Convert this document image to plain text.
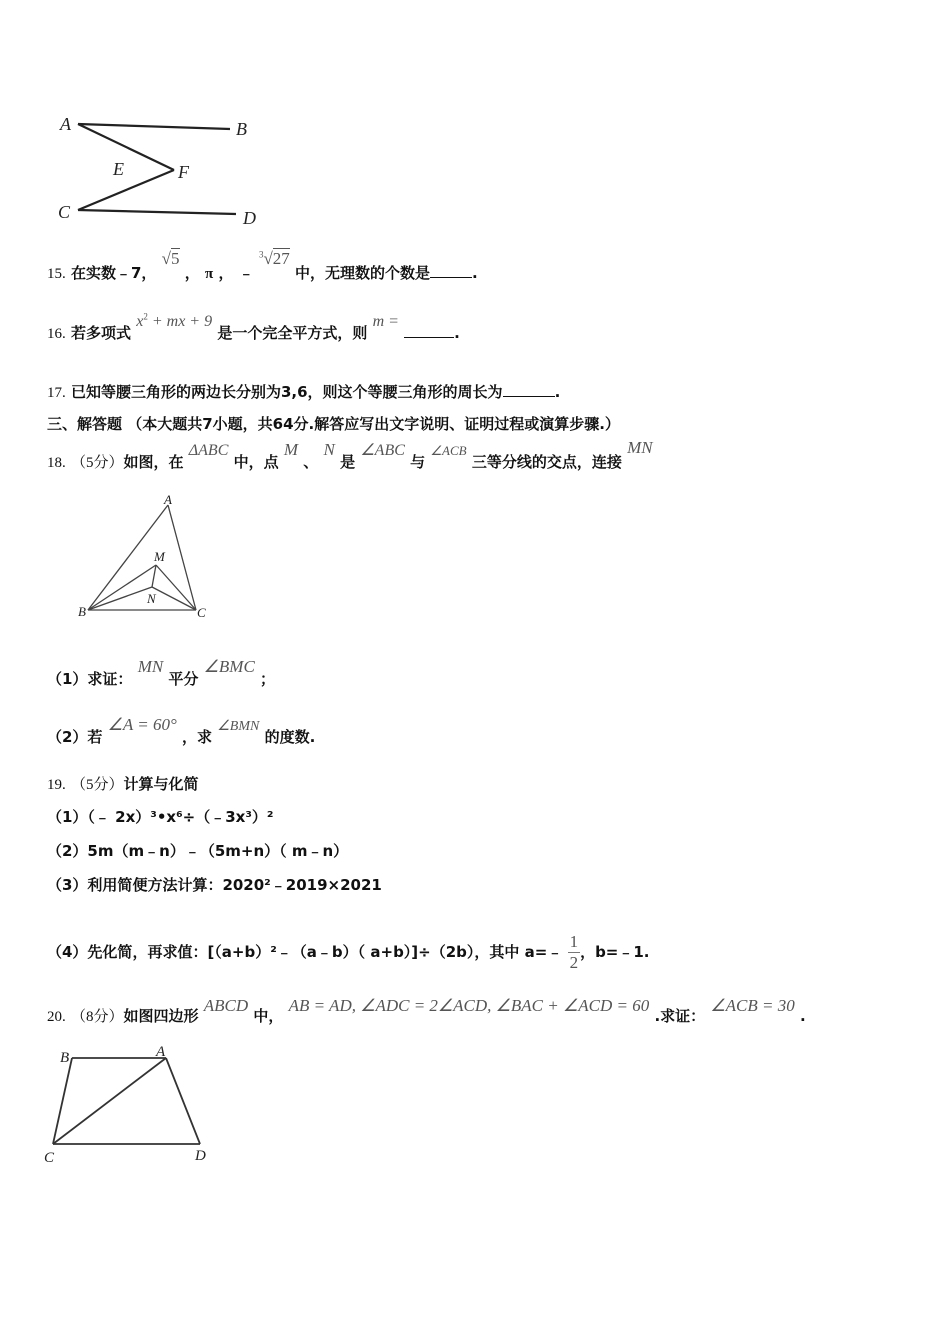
A	B
E	F
C	D
15. 在实数﹣7， √5 ， π ， ﹣ $^3$√27 中，无理数的个数是	.
16. 若多项式 $x^2$ + mx + 9 是一个完全平方式，则 m = .
17. 已知等腰三角形的两边长分别为3,6，则这个等腰三角形的周长为	.
三、解答题 （本大题共7小题，共64分.解答应写出文字说明、证明过程或演算步骤.）
18. （5分）如图，在 ΔABC 中，点 M 、 N 是 ∠ABC 与 ∠ACB 三等分线的交点，连接 MN
A
M
N
B	C
（1）求证： MN 平分 ∠BMC ；
（2）若 ∠A = 60° ，求 ∠BMN 的度数.
19. （5分）计算与化简
（1）（﹣ 2x）³•x⁶÷（﹣3x³）²
（2）5m（m﹣n）﹣（5m+n）（ m﹣n）
（3）利用简便方法计算：2020²﹣2019×2021
（4）先化简，再求值：[（a+b）²﹣（a﹣b）（ a+b）]÷（2b），其中 a=﹣ $\frac{1}{2}$ ，b=﹣1.
20. （8分）如图四边形 ABCD 中， AB = AD, ∠ADC = 2∠ACD, ∠BAC + ∠ACD = 60 .求证： ∠ACB = 30 .
B	A
C	D
